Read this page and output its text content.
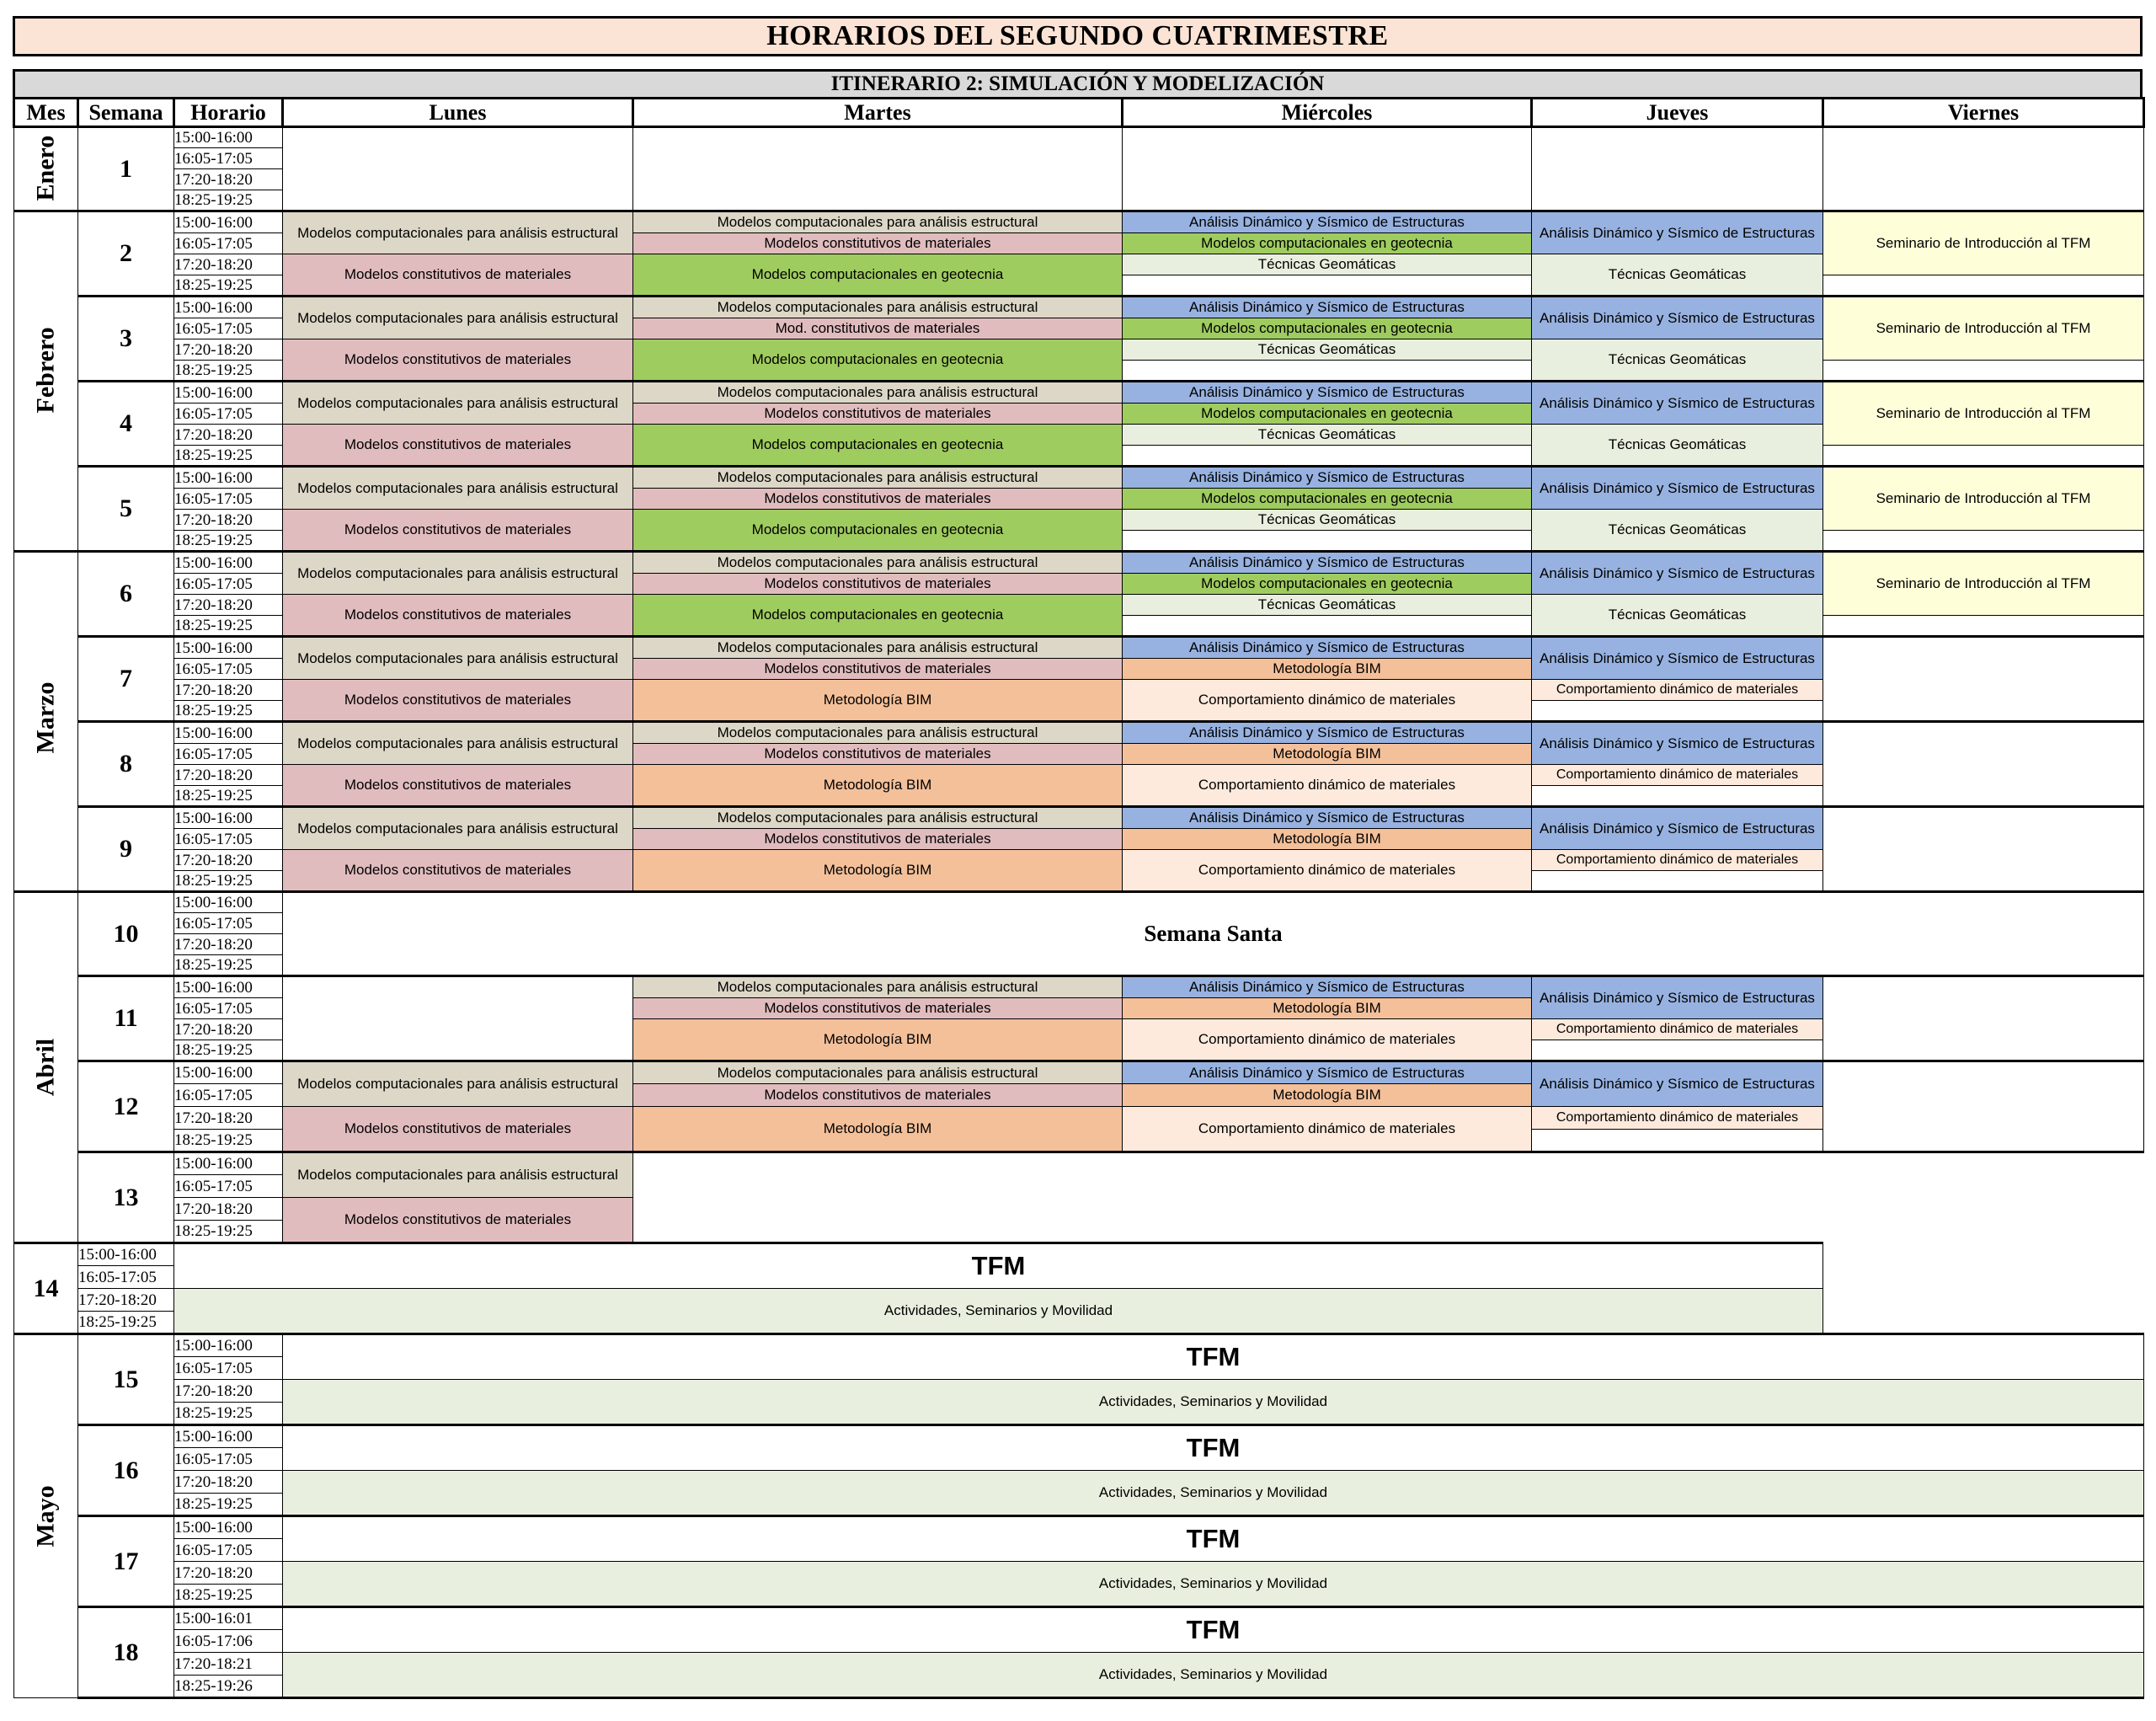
HORARIOS DEL SEGUNDO CUATRIMESTRE
ITINERARIO 2: SIMULACIÓN Y MODELIZACIÓN
Mes	Semana	Horario	Lunes	Martes	Miércoles	Jueves	Viernes

Enero	1	15:00-16:00					
		16:05-17:05					
		17:20-18:20					
		18:25-19:25					

Febrero	2	15:00-16:00	Modelos computacionales para análisis estructural	Modelos computacionales para análisis estructural	Análisis Dinámico y Sísmico de Estructuras	Análisis Dinámico y Sísmico de Estructuras	Seminario de Introducción al TFM
		16:05-17:05		Modelos constitutivos de materiales	Modelos computacionales en geotecnia		
		17:20-18:20	Modelos constitutivos de materiales	Modelos computacionales en geotecnia	Técnicas Geomáticas	Técnicas Geomáticas	
		18:25-19:25					
	3	15:00-16:00	Modelos computacionales para análisis estructural	Modelos computacionales para análisis estructural	Análisis Dinámico y Sísmico de Estructuras	Análisis Dinámico y Sísmico de Estructuras	Seminario de Introducción al TFM
		16:05-17:05		Mod. constitutivos de materiales	Modelos computacionales en geotecnia		
		17:20-18:20	Modelos constitutivos de materiales	Modelos computacionales en geotecnia	Técnicas Geomáticas	Técnicas Geomáticas	
		18:25-19:25					
	4	15:00-16:00	Modelos computacionales para análisis estructural	Modelos computacionales para análisis estructural	Análisis Dinámico y Sísmico de Estructuras	Análisis Dinámico y Sísmico de Estructuras	Seminario de Introducción al TFM
		16:05-17:05		Modelos constitutivos de materiales	Modelos computacionales en geotecnia		
		17:20-18:20	Modelos constitutivos de materiales	Modelos computacionales en geotecnia	Técnicas Geomáticas	Técnicas Geomáticas	
		18:25-19:25					
	5	15:00-16:00	Modelos computacionales para análisis estructural	Modelos computacionales para análisis estructural	Análisis Dinámico y Sísmico de Estructuras	Análisis Dinámico y Sísmico de Estructuras	Seminario de Introducción al TFM
		16:05-17:05		Modelos constitutivos de materiales	Modelos computacionales en geotecnia		
		17:20-18:20	Modelos constitutivos de materiales	Modelos computacionales en geotecnia	Técnicas Geomáticas	Técnicas Geomáticas	
		18:25-19:25					

Marzo	6	15:00-16:00	Modelos computacionales para análisis estructural	Modelos computacionales para análisis estructural	Análisis Dinámico y Sísmico de Estructuras	Análisis Dinámico y Sísmico de Estructuras	Seminario de Introducción al TFM
		16:05-17:05		Modelos constitutivos de materiales	Modelos computacionales en geotecnia		
		17:20-18:20	Modelos constitutivos de materiales	Modelos computacionales en geotecnia	Técnicas Geomáticas	Técnicas Geomáticas	
		18:25-19:25					
	7	15:00-16:00	Modelos computacionales para análisis estructural	Modelos computacionales para análisis estructural	Análisis Dinámico y Sísmico de Estructuras	Análisis Dinámico y Sísmico de Estructuras	
		16:05-17:05		Modelos constitutivos de materiales	Metodología BIM		
		17:20-18:20	Modelos constitutivos de materiales	Metodología BIM	Comportamiento dinámico de materiales	Comportamiento dinámico de materiales	
		18:25-19:25					
	8	15:00-16:00	Modelos computacionales para análisis estructural	Modelos computacionales para análisis estructural	Análisis Dinámico y Sísmico de Estructuras	Análisis Dinámico y Sísmico de Estructuras	
		16:05-17:05		Modelos constitutivos de materiales	Metodología BIM		
		17:20-18:20	Modelos constitutivos de materiales	Metodología BIM	Comportamiento dinámico de materiales	Comportamiento dinámico de materiales	
		18:25-19:25					
	9	15:00-16:00	Modelos computacionales para análisis estructural	Modelos computacionales para análisis estructural	Análisis Dinámico y Sísmico de Estructuras	Análisis Dinámico y Sísmico de Estructuras	
		16:05-17:05		Modelos constitutivos de materiales	Metodología BIM		
		17:20-18:20	Modelos constitutivos de materiales	Metodología BIM	Comportamiento dinámico de materiales	Comportamiento dinámico de materiales	
		18:25-19:25					

Abril	10	15:00-16:00	Semana Santa				
		16:05-17:05					
		17:20-18:20					
		18:25-19:25					
	11	15:00-16:00		Modelos computacionales para análisis estructural	Análisis Dinámico y Sísmico de Estructuras	Análisis Dinámico y Sísmico de Estructuras	
		16:05-17:05		Modelos constitutivos de materiales	Metodología BIM		
		17:20-18:20		Metodología BIM	Comportamiento dinámico de materiales	Comportamiento dinámico de materiales	
		18:25-19:25					
	12	15:00-16:00	Modelos computacionales para análisis estructural	Modelos computacionales para análisis estructural	Análisis Dinámico y Sísmico de Estructuras	Análisis Dinámico y Sísmico de Estructuras	
		16:05-17:05		Modelos constitutivos de materiales	Metodología BIM		
		17:20-18:20	Modelos constitutivos de materiales	Metodología BIM	Comportamiento dinámico de materiales	Comportamiento dinámico de materiales	
		18:25-19:25					
	13	15:00-16:00	Modelos computacionales para análisis estructural				
		16:05-17:05					
		17:20-18:20	Modelos constitutivos de materiales				
		18:25-19:25					
14	15:00-16:00	TFM					
	16:05-17:05						
	17:20-18:20	Actividades, Seminarios y Movilidad					
	18:25-19:25						

Mayo	15	15:00-16:00	TFM				
		16:05-17:05					
		17:20-18:20	Actividades, Seminarios y Movilidad				
		18:25-19:25					
	16	15:00-16:00	TFM				
		16:05-17:05					
		17:20-18:20	Actividades, Seminarios y Movilidad				
		18:25-19:25					
	17	15:00-16:00	TFM				
		16:05-17:05					
		17:20-18:20	Actividades, Seminarios y Movilidad				
		18:25-19:25					
	18	15:00-16:01	TFM				
		16:05-17:06					
		17:20-18:21	Actividades, Seminarios y Movilidad				
		18:25-19:26					
